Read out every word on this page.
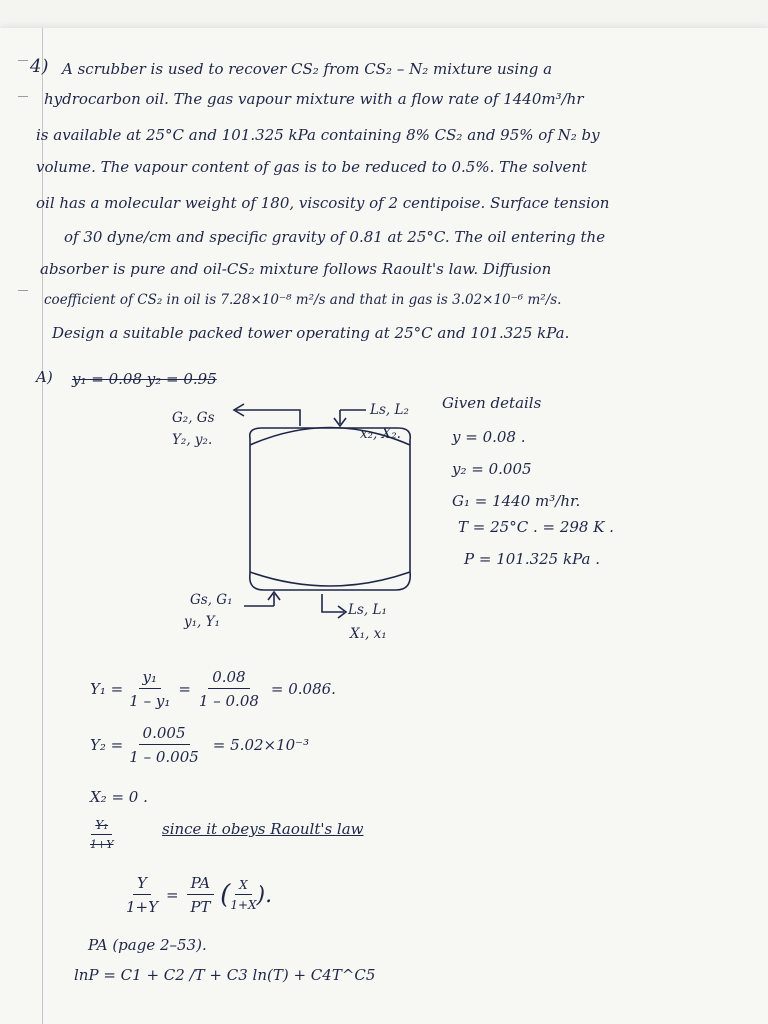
4) A scrubber is used to recover CS₂ from CS₂ – N₂ mixture using a
hydrocarbon oil. The gas vapour mixture with a flow rate of 1440m³/hr
is available at 25°C and 101.325 kPa containing 8% CS₂ and 95% of N₂ by
volume. The vapour content of gas is to be reduced to 0.5%. The solvent
oil has a molecular weight of 180, viscosity of 2 centipoise. Surface tension
of 30 dyne/cm and specific gravity of 0.81 at 25°C. The oil entering the
absorber is pure and oil-CS₂ mixture follows Raoult's law. Diffusion
coefficient of CS₂ in oil is 7.28×10⁻⁸ m²/s and that in gas is 3.02×10⁻⁶ m²/s.
Design a suitable packed tower operating at 25°C and 101.325 kPa.
A) y₁ = 0.08 y₂ = 0.95
G₂, Gs
Y₂, y₂.
Ls, L₂
x₂, X₂.
Gs, G₁
y₁, Y₁
Ls, L₁
X₁, x₁
Given details
y = 0.08 .
y₂ = 0.005
G₁ = 1440 m³/hr.
T = 25°C . = 298 K .
P = 101.325 kPa .
$Y_1 = \frac{\text{y₁}}{\text{1 – y₁}} = \frac{0.08}{1 - 0.08} = 0.086$.
$Y_2 = \frac{0.005}{1 - 0.005} = 5.02\times 10^{-3}$
X₂ = 0 .
$\frac{\text{Y₁}}{1+Y}$	since it obeys Raoult's law
$\frac{Y}{1+Y} = \frac{PA}{PT}$ ( $\frac{X}{1+X}$ ).
PA (page 2–53).
lnP = C1 + C2 /T + C3 ln(T) + C4T^C5
